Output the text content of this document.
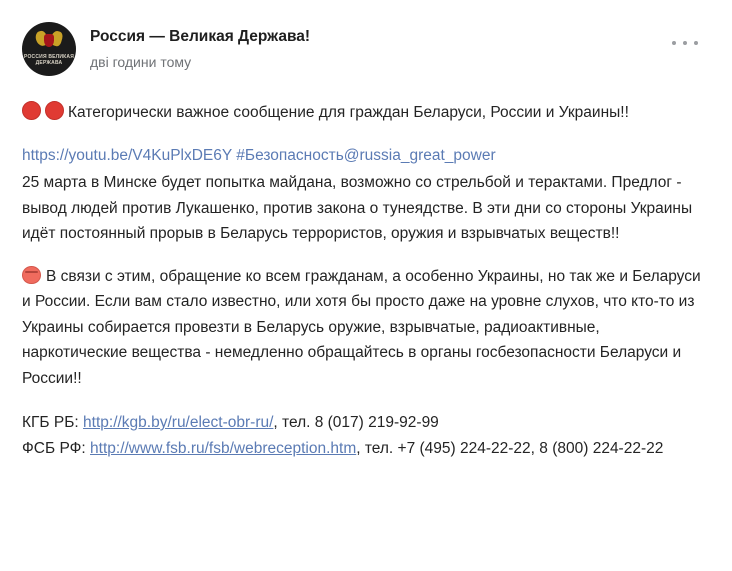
РОССИЯ ВЕЛИКАЯ ДЕРЖАВА
Россия — Великая Держава!
дві години тому

Категорически важное сообщение для граждан Беларуси, России и Украины!!

https://youtu.be/V4KuPlxDE6Y #Безопасность@russia_great_power

25 марта в Минске будет попытка майдана, возможно со стрельбой и терактами. Предлог - вывод людей против Лукашенко, против закона о тунеядстве. В эти дни со стороны Украины идёт постоянный прорыв в Беларусь террористов, оружия и взрывчатых веществ!!

В связи с этим, обращение ко всем гражданам, а особенно Украины, но так же и Беларуси и России. Если вам стало известно, или хотя бы просто даже на уровне слухов, что кто-то из Украины собирается провезти в Беларусь оружие, взрывчатые, радиоактивные, наркотические вещества - немедленно обращайтесь в органы госбезопасности Беларуси и России!!

КГБ РБ: http://kgb.by/ru/elect-obr-ru/, тел. 8 (017) 219-92-99
ФСБ РФ: http://www.fsb.ru/fsb/webreception.htm, тел. +7 (495) 224-22-22, 8 (800) 224-22-22
